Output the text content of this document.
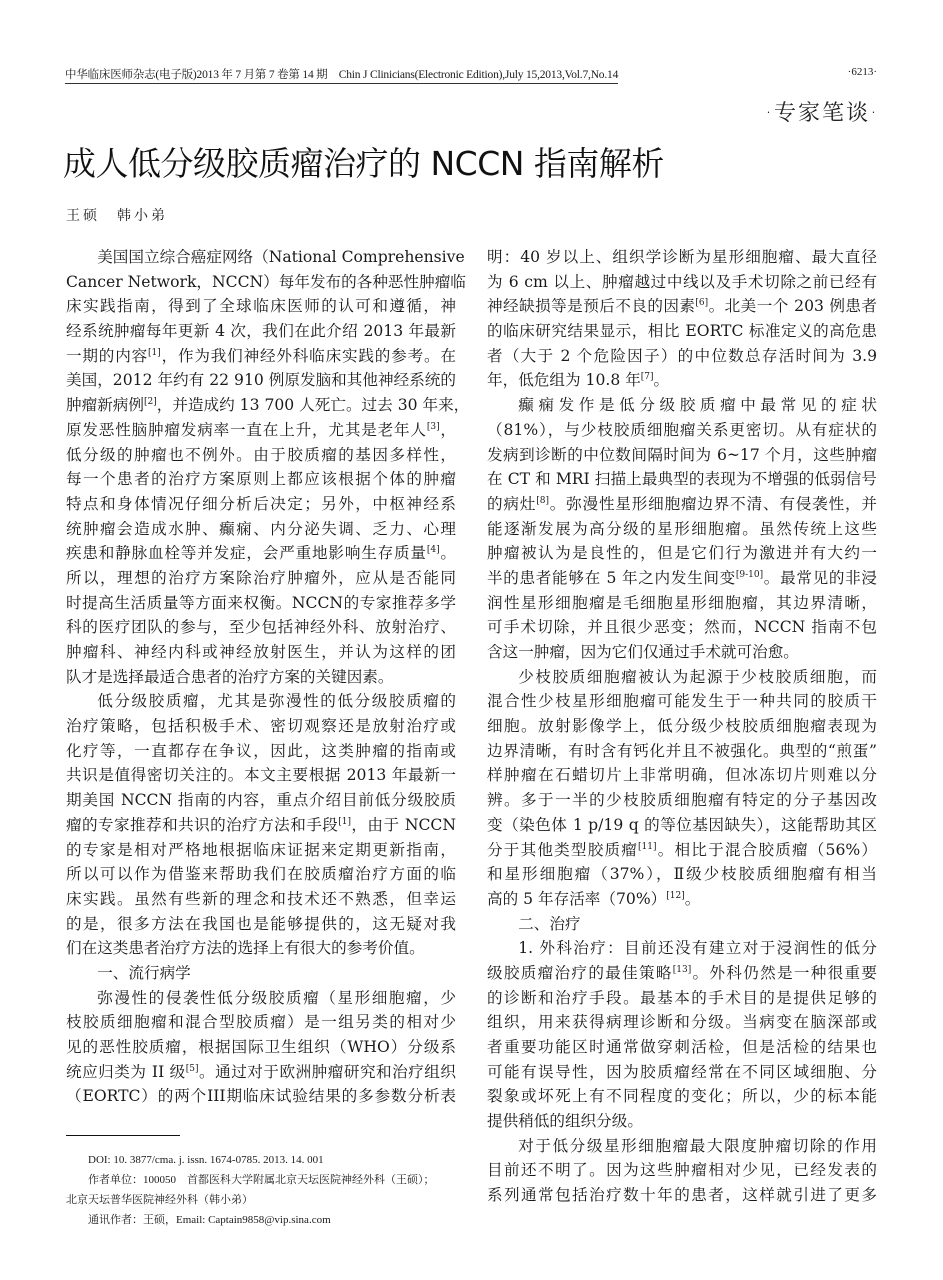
中华临床医师杂志(电子版)2013 年 7 月第 7 卷第 14 期　Chin J Clinicians(Electronic Edition),July 15,2013,Vol.7,No.14	·6213·
·专家笔谈·
成人低分级胶质瘤治疗的 NCCN 指南解析
王硕　韩小弟
美国国立综合癌症网络（National Comprehensive
Cancer Network，NCCN）每年发布的各种恶性肿瘤临
床实践指南，得到了全球临床医师的认可和遵循，神
经系统肿瘤每年更新 4 次，我们在此介绍 2013 年最新
一期的内容[1]，作为我们神经外科临床实践的参考。在
美国，2012 年约有 22 910 例原发脑和其他神经系统的
肿瘤新病例[2]，并造成约 13 700 人死亡。过去 30 年来，
原发恶性脑肿瘤发病率一直在上升，尤其是老年人[3]，
低分级的肿瘤也不例外。由于胶质瘤的基因多样性，
每一个患者的治疗方案原则上都应该根据个体的肿瘤
特点和身体情况仔细分析后决定；另外，中枢神经系
统肿瘤会造成水肿、癫痫、内分泌失调、乏力、心理
疾患和静脉血栓等并发症，会严重地影响生存质量[4]。
所以，理想的治疗方案除治疗肿瘤外，应从是否能同
时提高生活质量等方面来权衡。NCCN的专家推荐多学
科的医疗团队的参与，至少包括神经外科、放射治疗、
肿瘤科、神经内科或神经放射医生，并认为这样的团
队才是选择最适合患者的治疗方案的关键因素。
低分级胶质瘤，尤其是弥漫性的低分级胶质瘤的
治疗策略，包括积极手术、密切观察还是放射治疗或
化疗等，一直都存在争议，因此，这类肿瘤的指南或
共识是值得密切关注的。本文主要根据 2013 年最新一
期美国 NCCN 指南的内容，重点介绍目前低分级胶质
瘤的专家推荐和共识的治疗方法和手段[1]，由于 NCCN
的专家是相对严格地根据临床证据来定期更新指南，
所以可以作为借鉴来帮助我们在胶质瘤治疗方面的临
床实践。虽然有些新的理念和技术还不熟悉，但幸运
的是，很多方法在我国也是能够提供的，这无疑对我
们在这类患者治疗方法的选择上有很大的参考价值。
一、流行病学
弥漫性的侵袭性低分级胶质瘤（星形细胞瘤，少
枝胶质细胞瘤和混合型胶质瘤）是一组另类的相对少
见的恶性胶质瘤，根据国际卫生组织（WHO）分级系
统应归类为 II 级[5]。通过对于欧洲肿瘤研究和治疗组织
（EORTC）的两个III期临床试验结果的多参数分析表
明：40 岁以上、组织学诊断为星形细胞瘤、最大直径
为 6 cm 以上、肿瘤越过中线以及手术切除之前已经有
神经缺损等是预后不良的因素[6]。北美一个 203 例患者
的临床研究结果显示，相比 EORTC 标准定义的高危患
者（大于 2 个危险因子）的中位数总存活时间为 3.9
年，低危组为 10.8 年[7]。
癫痫发作是低分级胶质瘤中最常见的症状
（81%），与少枝胶质细胞瘤关系更密切。从有症状的
发病到诊断的中位数间隔时间为 6~17 个月，这些肿瘤
在 CT 和 MRI 扫描上最典型的表现为不增强的低弱信号
的病灶[8]。弥漫性星形细胞瘤边界不清、有侵袭性，并
能逐渐发展为高分级的星形细胞瘤。虽然传统上这些
肿瘤被认为是良性的，但是它们行为激进并有大约一
半的患者能够在 5 年之内发生间变[9-10]。最常见的非浸
润性星形细胞瘤是毛细胞星形细胞瘤，其边界清晰，
可手术切除，并且很少恶变；然而，NCCN 指南不包
含这一肿瘤，因为它们仅通过手术就可治愈。
少枝胶质细胞瘤被认为起源于少枝胶质细胞，而
混合性少枝星形细胞瘤可能发生于一种共同的胶质干
细胞。放射影像学上，低分级少枝胶质细胞瘤表现为
边界清晰，有时含有钙化并且不被强化。典型的“煎蛋”
样肿瘤在石蜡切片上非常明确，但冰冻切片则难以分
辨。多于一半的少枝胶质细胞瘤有特定的分子基因改
变（染色体 1 p/19 q 的等位基因缺失），这能帮助其区
分于其他类型胶质瘤[11]。相比于混合胶质瘤（56%）
和星形细胞瘤（37%），Ⅱ级少枝胶质细胞瘤有相当
高的 5 年存活率（70%）[12]。
二、治疗
1. 外科治疗：目前还没有建立对于浸润性的低分
级胶质瘤治疗的最佳策略[13]。外科仍然是一种很重要
的诊断和治疗手段。最基本的手术目的是提供足够的
组织，用来获得病理诊断和分级。当病变在脑深部或
者重要功能区时通常做穿刺活检，但是活检的结果也
可能有误导性，因为胶质瘤经常在不同区域细胞、分
裂象或坏死上有不同程度的变化；所以，少的标本能
提供稍低的组织分级。
对于低分级星形细胞瘤最大限度肿瘤切除的作用
目前还不明了。因为这些肿瘤相对少见，已经发表的
系列通常包括治疗数十年的患者，这样就引进了更多
DOI: 10. 3877/cma. j. issn. 1674-0785. 2013. 14. 001
作者单位：100050　首都医科大学附属北京天坛医院神经外科（王硕）；
北京天坛普华医院神经外科（韩小弟）
通讯作者：王硕，Email: Captain9858@vip.sina.com
